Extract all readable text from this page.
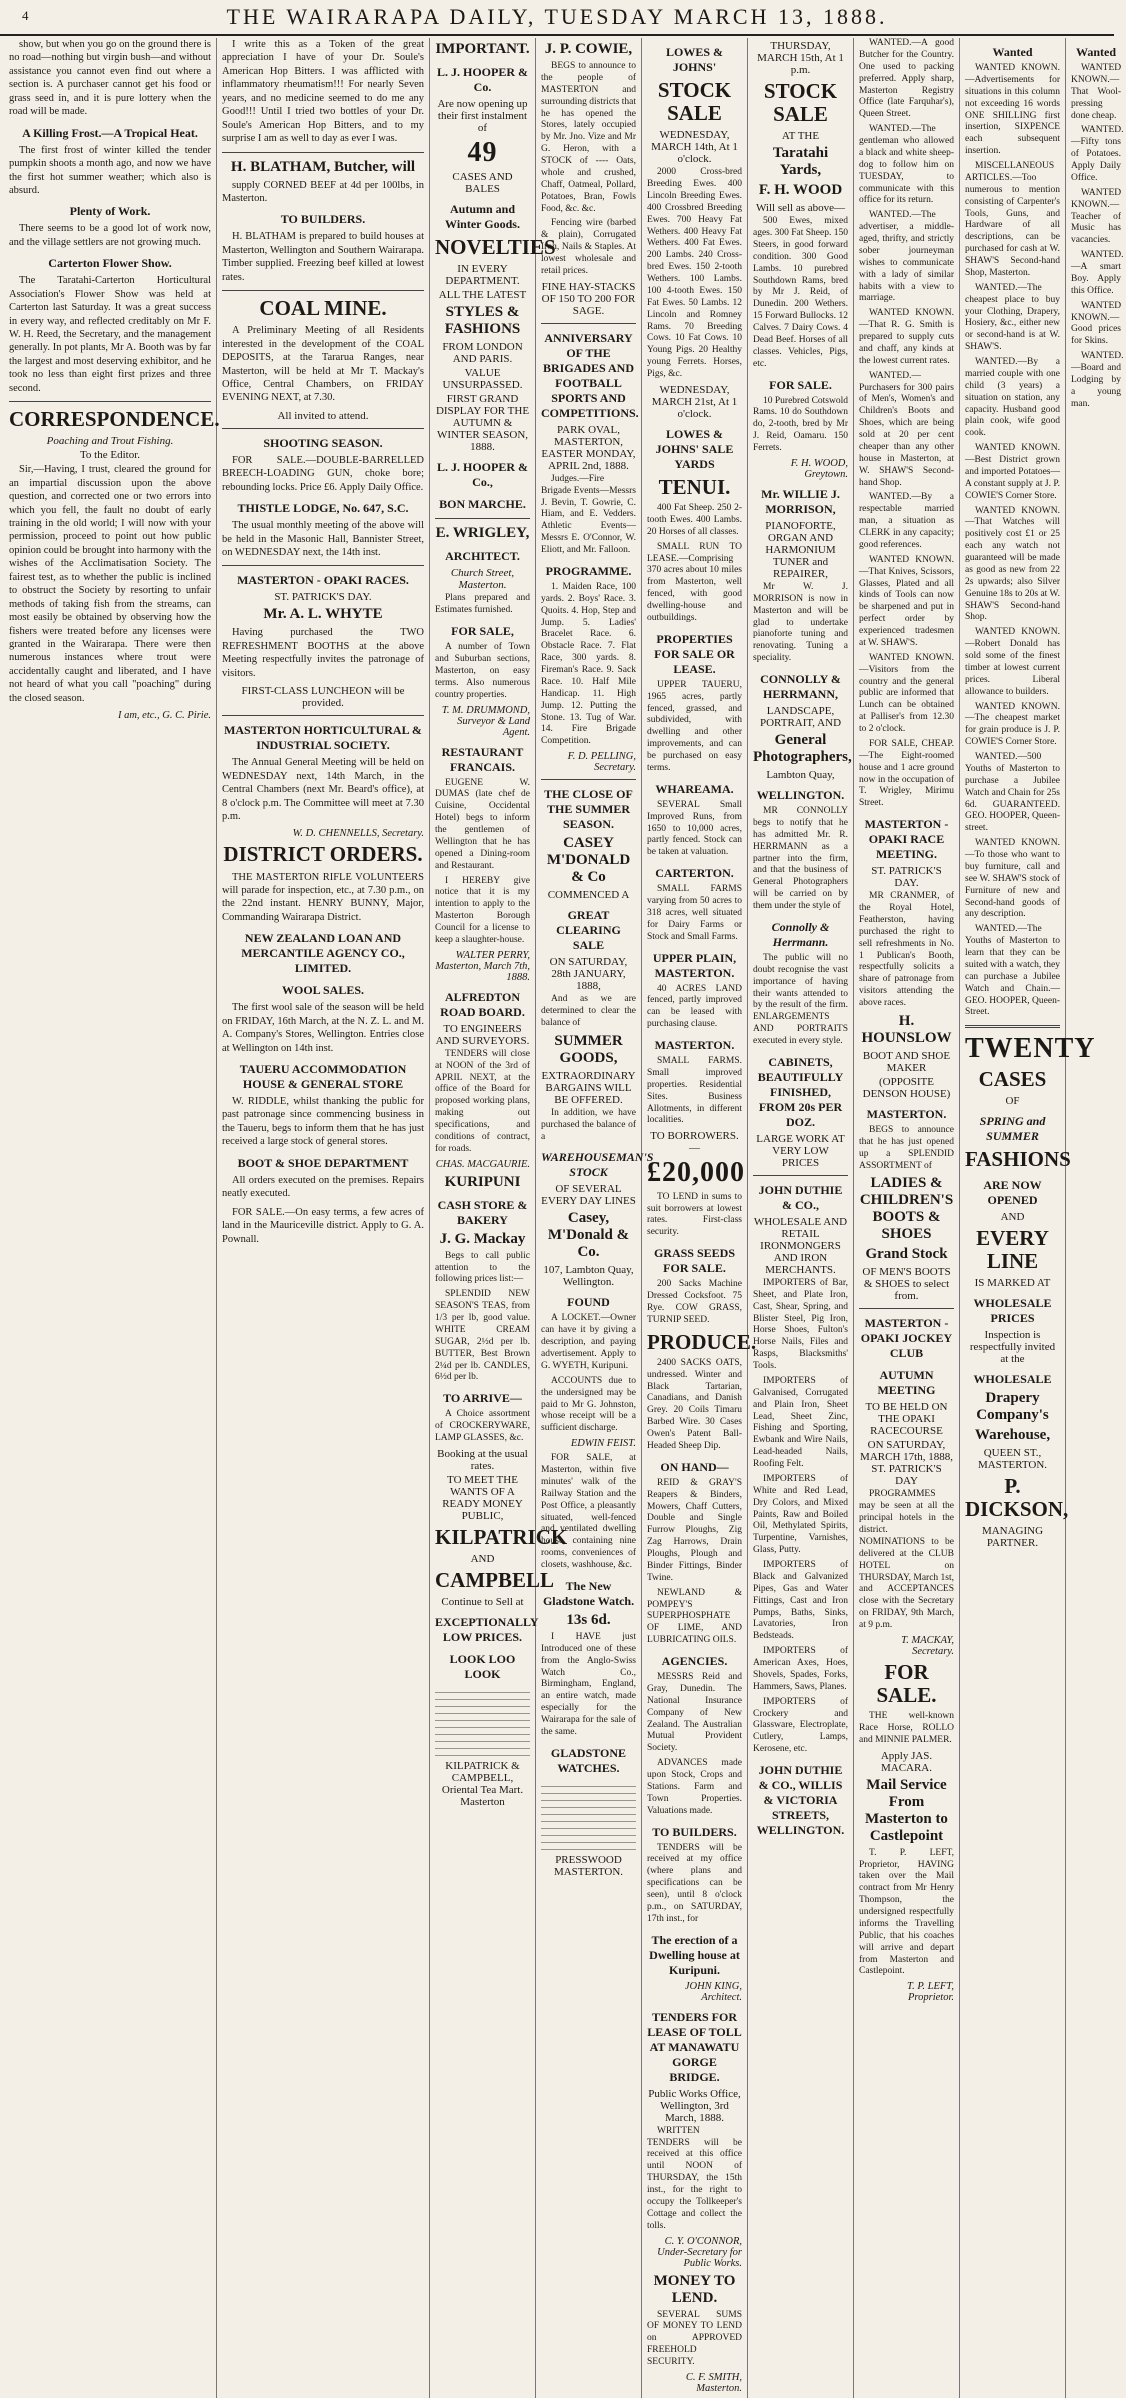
4	THE WAIRARAPA DAILY, TUESDAY MARCH 13, 1888.

show, but when you go on the ground there is no road—nothing but virgin bush—and without assistance you cannot even find out where a section is. A purchaser cannot get his food or grass seed in, and it is pure lottery when the road will be made.

A Killing Frost.—A Tropical Heat.

The first frost of winter killed the tender pumpkin shoots a month ago, and now we have the first hot summer weather; which also is absurd.

Plenty of Work.

There seems to be a good lot of work now, and the village settlers are not growing much.

Carterton Flower Show.

The Taratahi-Carterton Horticultural Association's Flower Show was held at Carterton last Saturday. It was a great success in every way, and reflected creditably on Mr F. W. H. Reed, the Secretary, and the management generally. In pot plants, Mr A. Booth was by far the largest and most deserving exhibitor, and he took no less than eight first prizes and three second.

CORRESPONDENCE.
Poaching and Trout Fishing.
To the Editor.

Sir,—Having, I trust, cleared the ground for an impartial discussion upon the above question, and corrected one or two errors into which you fell, the fault no doubt of early training in the old world; I will now with your permission, proceed to point out how public opinion could be brought into harmony with the wishes of the Acclimatisation Society. The fairest test, as to whether the public is inclined to obstruct the Society by resorting to unfair methods of taking fish from the streams, can most easily be obtained by observing how the fishers were treated before any licenses were granted in the Wairarapa. There were then numerous instances where trout were accidentally caught and liberated, and I have not heard of what you call "poaching" during the closed season.

I am, etc., G. C. Pirie.

I write this as a Token of the great appreciation I have of your Dr. Soule's American Hop Bitters. I was afflicted with inflammatory rheumatism!!! For nearly Seven years, and no medicine seemed to do me any Good!!! Until I tried two bottles of your Dr. Soule's American Hop Bitters, and to my surprise I am as well to day as ever I was.

H. BLATHAM, Butcher, will

supply CORNED BEEF at 4d per 100lbs, in Masterton.

TO BUILDERS.

H. BLATHAM is prepared to build houses at Masterton, Wellington and Southern Wairarapa. Timber supplied. Freezing beef killed at lowest rates.

COAL MINE.

A Preliminary Meeting of all Residents interested in the development of the COAL DEPOSITS, at the Tararua Ranges, near Masterton, will be held at Mr T. Mackay's Office, Central Chambers, on FRIDAY EVENING NEXT, at 7.30.

All invited to attend.
SHOOTING SEASON.

FOR SALE.—DOUBLE-BARRELLED BREECH-LOADING GUN, choke bore; rebounding locks. Price £6. Apply Daily Office.

THISTLE LODGE, No. 647, S.C.

The usual monthly meeting of the above will be held in the Masonic Hall, Bannister Street, on WEDNESDAY next, the 14th inst.

MASTERTON - OPAKI RACES.
ST. PATRICK'S DAY.
Mr. A. L. WHYTE

Having purchased the TWO REFRESHMENT BOOTHS at the above Meeting respectfully invites the patronage of visitors.

FIRST-CLASS LUNCHEON will be provided.
MASTERTON HORTICULTURAL & INDUSTRIAL SOCIETY.

The Annual General Meeting will be held on WEDNESDAY next, 14th March, in the Central Chambers (next Mr. Beard's office), at 8 o'clock p.m. The Committee will meet at 7.30 p.m.

W. D. CHENNELLS, Secretary.
DISTRICT ORDERS.

THE MASTERTON RIFLE VOLUNTEERS will parade for inspection, etc., at 7.30 p.m., on the 22nd instant. HENRY BUNNY, Major, Commanding Wairarapa District.

NEW ZEALAND LOAN AND MERCANTILE AGENCY CO., LIMITED.
WOOL SALES.

The first wool sale of the season will be held on FRIDAY, 16th March, at the N. Z. L. and M. A. Company's Stores, Wellington. Entries close at Wellington on 14th inst.

TAUERU ACCOMMODATION HOUSE & GENERAL STORE

W. RIDDLE, whilst thanking the public for past patronage since commencing business in the Taueru, begs to inform them that he has just received a large stock of general stores.

BOOT & SHOE DEPARTMENT

All orders executed on the premises. Repairs neatly executed.

FOR SALE.—On easy terms, a few acres of land in the Mauriceville district. Apply to G. A. Pownall.

IMPORTANT.
L. J. HOOPER & Co.
Are now opening up their first instalment of
49
CASES AND BALES
Autumn and Winter Goods.
NOVELTIES
IN EVERY DEPARTMENT.
ALL THE LATEST
STYLES & FASHIONS
FROM LONDON AND PARIS.
VALUE UNSURPASSED.
FIRST GRAND DISPLAY FOR THE AUTUMN & WINTER SEASON, 1888.
L. J. HOOPER & Co.,
BON MARCHE.
E. WRIGLEY,
ARCHITECT.
Church Street, Masterton.

Plans prepared and Estimates furnished.

FOR SALE,

A number of Town and Suburban sections, Masterton, on easy terms. Also numerous country properties.

T. M. DRUMMOND, Surveyor & Land Agent.
RESTAURANT FRANCAIS.

EUGENE W. DUMAS (late chef de Cuisine, Occidental Hotel) begs to inform the gentlemen of Wellington that he has opened a Dining-room and Restaurant.

I HEREBY give notice that it is my intention to apply to the Masterton Borough Council for a license to keep a slaughter-house.

WALTER PERRY, Masterton, March 7th, 1888.
ALFREDTON ROAD BOARD.
TO ENGINEERS AND SURVEYORS.

TENDERS will close at NOON of the 3rd of APRIL NEXT, at the office of the Board for proposed working plans, making out specifications, and conditions of contract, for roads.

CHAS. MACGAURIE.
KURIPUNI
CASH STORE & BAKERY
J. G. Mackay

Begs to call public attention to the following prices list:—

SPLENDID NEW SEASON'S TEAS, from 1/3 per lb, good value. WHITE CREAM SUGAR, 2½d per lb. BUTTER, Best Brown 2¼d per lb. CANDLES, 6½d per lb.

TO ARRIVE—

A Choice assortment of CROCKERYWARE, LAMP GLASSES, &c.

Booking at the usual rates.
TO MEET THE WANTS OF A READY MONEY PUBLIC,
KILPATRICK
AND
CAMPBELL
Continue to Sell at
EXCEPTIONALLY LOW PRICES.
LOOK LOO LOOK
KILPATRICK & CAMPBELL, Oriental Tea Mart. Masterton
J. P. COWIE,

BEGS to announce to the people of MASTERTON and surrounding districts that he has opened the Stores, lately occupied by Mr. Jno. Vize and Mr G. Heron, with a STOCK of ---- Oats, whole and crushed, Chaff, Oatmeal, Pollard, Potatoes, Bran, Fowls Food, &c. &c.

Fencing wire (barbed & plain), Corrugated Iron, Nails & Staples. At lowest wholesale and retail prices.

FINE HAY-STACKS OF 150 TO 200 FOR SAGE.
ANNIVERSARY OF THE BRIGADES AND FOOTBALL SPORTS AND COMPETITIONS.
PARK OVAL, MASTERTON, EASTER MONDAY, APRIL 2nd, 1888.

Judges.—Fire Brigade Events—Messrs J. Bevin, T. Gowrie, C. Hiam, and E. Vedders. Athletic Events—Messrs E. O'Connor, W. Eliott, and Mr. Falloon.

PROGRAMME.

1. Maiden Race, 100 yards. 2. Boys' Race. 3. Quoits. 4. Hop, Step and Jump. 5. Ladies' Bracelet Race. 6. Obstacle Race. 7. Flat Race, 300 yards. 8. Fireman's Race. 9. Sack Race. 10. Half Mile Handicap. 11. High Jump. 12. Putting the Stone. 13. Tug of War. 14. Fire Brigade Competition.

F. D. PELLING, Secretary.
THE CLOSE OF THE SUMMER SEASON.
CASEY M'DONALD & Co
COMMENCED A
GREAT CLEARING SALE
ON SATURDAY, 28th JANUARY, 1888,

And as we are determined to clear the balance of

SUMMER GOODS,
EXTRAORDINARY BARGAINS WILL BE OFFERED.

In addition, we have purchased the balance of a

WAREHOUSEMAN'S STOCK
OF SEVERAL EVERY DAY LINES
Casey, M'Donald & Co.
107, Lambton Quay, Wellington.
FOUND

A LOCKET.—Owner can have it by giving a description, and paying advertisement. Apply to G. WYETH, Kuripuni.

ACCOUNTS due to the undersigned may be paid to Mr G. Johnston, whose receipt will be a sufficient discharge.

EDWIN FEIST.

FOR SALE, at Masterton, within five minutes' walk of the Railway Station and the Post Office, a pleasantly situated, well-fenced and ventilated dwelling house, containing nine rooms, conveniences of closets, washhouse, &c.

The New Gladstone Watch.
13s 6d.

I HAVE just Introduced one of these from the Anglo-Swiss Watch Co., Birmingham, England, an entire watch, made especially for the Wairarapa for the sale of the same.

GLADSTONE WATCHES.
PRESSWOOD MASTERTON.
LOWES & JOHNS'
STOCK SALE
WEDNESDAY, MARCH 14th, At 1 o'clock.

2000 Cross-bred Breeding Ewes. 400 Lincoln Breeding Ewes. 400 Crossbred Breeding Ewes. 700 Heavy Fat Wethers. 400 Heavy Fat Wethers. 400 Fat Ewes. 200 Lambs. 240 Cross-bred Ewes. 150 2-tooth Wethers. 100 Lambs. 100 4-tooth Ewes. 150 Fat Ewes. 50 Lambs. 12 Lincoln and Romney Rams. 70 Breeding Cows. 10 Fat Cows. 10 Young Pigs. 20 Healthy young Ferrets. Horses, Pigs, &c.

WEDNESDAY, MARCH 21st, At 1 o'clock.
LOWES & JOHNS' SALE YARDS
TENUI.

400 Fat Sheep. 250 2-tooth Ewes. 400 Lambs. 20 Horses of all classes.

SMALL RUN TO LEASE.—Comprising 370 acres about 10 miles from Masterton, well fenced, with good dwelling-house and outbuildings.

PROPERTIES FOR SALE OR LEASE.

UPPER TAUERU, 1965 acres, partly fenced, grassed, and subdivided, with dwelling and other improvements, and can be purchased on easy terms.

WHAREAMA.

SEVERAL Small Improved Runs, from 1650 to 10,000 acres, partly fenced. Stock can be taken at valuation.

CARTERTON.

SMALL FARMS varying from 50 acres to 318 acres, well situated for Dairy Farms or Stock and Small Farms.

UPPER PLAIN, MASTERTON.

40 ACRES LAND fenced, partly improved can be leased with purchasing clause.

MASTERTON.

SMALL FARMS. Small improved properties. Residential Sites. Business Allotments, in different localities.

TO BORROWERS.—
£20,000

TO LEND in sums to suit borrowers at lowest rates. First-class security.

GRASS SEEDS FOR SALE.

200 Sacks Machine Dressed Cocksfoot. 75 Rye. COW GRASS, TURNIP SEED.

PRODUCE.

2400 SACKS OATS, undressed. Winter and Black Tartarian, Canadians, and Danish Grey. 20 Coils Timaru Barbed Wire. 30 Cases Owen's Patent Ball-Headed Sheep Dip.

ON HAND—

REID & GRAY'S Reapers & Binders, Mowers, Chaff Cutters, Double and Single Furrow Ploughs, Zig Zag Harrows, Drain Ploughs, Plough and Binder Fittings, Binder Twine.

NEWLAND & POMPEY'S SUPERPHOSPHATE OF LIME, AND LUBRICATING OILS.

AGENCIES.

MESSRS Reid and Gray, Dunedin. The National Insurance Company of New Zealand. The Australian Mutual Provident Society.

ADVANCES made upon Stock, Crops and Stations. Farm and Town Properties. Valuations made.

TO BUILDERS.

TENDERS will be received at my office (where plans and specifications can be seen), until 8 o'clock p.m., on SATURDAY, 17th inst., for

The erection of a Dwelling house at Kuripuni.
JOHN KING, Architect.
TENDERS FOR LEASE OF TOLL AT MANAWATU GORGE BRIDGE.
Public Works Office, Wellington, 3rd March, 1888.

WRITTEN TENDERS will be received at this office until NOON of THURSDAY, the 15th inst., for the right to occupy the Tollkeeper's Cottage and collect the tolls.

C. Y. O'CONNOR, Under-Secretary for Public Works.
MONEY TO LEND.

SEVERAL SUMS OF MONEY TO LEND on APPROVED FREEHOLD SECURITY.

C. F. SMITH, Masterton.
THURSDAY, MARCH 15th, At 1 p.m.
STOCK SALE
AT THE
Taratahi Yards,
F. H. WOOD
Will sell as above—

500 Ewes, mixed ages. 300 Fat Sheep. 150 Steers, in good forward condition. 300 Good Lambs. 10 purebred Southdown Rams, bred by Mr J. Reid, of Dunedin. 200 Wethers. 15 Forward Bullocks. 12 Calves. 7 Dairy Cows. 4 Dead Beef. Horses of all classes. Vehicles, Pigs, etc.

FOR SALE.

10 Purebred Cotswold Rams. 10 do Southdown do, 2-tooth, bred by Mr J. Reid, Oamaru. 150 Ferrets.

F. H. WOOD, Greytown.
Mr. WILLIE J. MORRISON,
PIANOFORTE, ORGAN AND HARMONIUM TUNER and REPAIRER,

Mr W. J. MORRISON is now in Masterton and will be glad to undertake pianoforte tuning and renovating. Tuning a speciality.

CONNOLLY & HERRMANN,
LANDSCAPE, PORTRAIT, AND
General Photographers,
Lambton Quay,
WELLINGTON.

MR CONNOLLY begs to notify that he has admitted Mr. R. HERRMANN as a partner into the firm, and that the business of General Photographers will be carried on by them under the style of

Connolly & Herrmann.

The public will no doubt recognise the vast importance of having their wants attended to by the result of the firm. ENLARGEMENTS AND PORTRAITS executed in every style.

CABINETS, BEAUTIFULLY FINISHED, FROM 20s PER DOZ.
LARGE WORK AT VERY LOW PRICES
JOHN DUTHIE & CO.,
WHOLESALE AND RETAIL IRONMONGERS AND IRON MERCHANTS.

IMPORTERS of Bar, Sheet, and Plate Iron, Cast, Shear, Spring, and Blister Steel, Pig Iron, Horse Shoes, Fulton's Horse Nails, Files and Rasps, Blacksmiths' Tools.

IMPORTERS of Galvanised, Corrugated and Plain Iron, Sheet Lead, Sheet Zinc, Fishing and Sporting, Ewbank and Wire Nails, Lead-headed Nails, Roofing Felt.

IMPORTERS of White and Red Lead, Dry Colors, and Mixed Paints, Raw and Boiled Oil, Methylated Spirits, Turpentine, Varnishes, Glass, Putty.

IMPORTERS of Black and Galvanized Pipes, Gas and Water Fittings, Cast and Iron Pumps, Baths, Sinks, Lavatories, Iron Bedsteads.

IMPORTERS of American Axes, Hoes, Shovels, Spades, Forks, Hammers, Saws, Planes.

IMPORTERS of Crockery and Glassware, Electroplate, Cutlery, Lamps, Kerosene, etc.

JOHN DUTHIE & CO., WILLIS & VICTORIA STREETS, WELLINGTON.

WANTED.—A good Butcher for the Country. One used to packing preferred. Apply sharp, Masterton Registry Office (late Farquhar's), Queen Street.

WANTED.—The gentleman who allowed a black and white sheep-dog to follow him on TUESDAY, to communicate with this office for its return.

WANTED.—The advertiser, a middle-aged, thrifty, and strictly sober journeyman wishes to communicate with a lady of similar habits with a view to marriage.

WANTED KNOWN.—That R. G. Smith is prepared to supply cuts and chaff, any kinds at the lowest current rates.

WANTED.—Purchasers for 300 pairs of Men's, Women's and Children's Boots and Shoes, which are being sold at 20 per cent cheaper than any other house in Masterton, at W. SHAW'S Second-hand Shop.

WANTED.—By a respectable married man, a situation as CLERK in any capacity; good references.

WANTED KNOWN.—That Knives, Scissors, Glasses, Plated and all kinds of Tools can now be sharpened and put in perfect order by experienced tradesmen at W. SHAW'S.

WANTED KNOWN.—Visitors from the country and the general public are informed that Lunch can be obtained at Palliser's from 12.30 to 2 o'clock.

FOR SALE, CHEAP.—The Eight-roomed house and 1 acre ground now in the occupation of T. Wrigley, Mirimu Street.

MASTERTON - OPAKI RACE MEETING.
ST. PATRICK'S DAY.

MR CRANMER, of the Royal Hotel, Featherston, having purchased the right to sell refreshments in No. 1 Publican's Booth, respectfully solicits a share of patronage from visitors attending the above races.

H. HOUNSLOW
BOOT AND SHOE MAKER
(OPPOSITE DENSON HOUSE)
MASTERTON.

BEGS to announce that he has just opened up a SPLENDID ASSORTMENT of

LADIES & CHILDREN'S BOOTS & SHOES
Grand Stock
OF MEN'S BOOTS & SHOES to select from.
MASTERTON - OPAKI JOCKEY CLUB
AUTUMN MEETING
TO BE HELD ON THE OPAKI RACECOURSE
ON SATURDAY, MARCH 17th, 1888, ST. PATRICK'S DAY

PROGRAMMES may be seen at all the principal hotels in the district. NOMINATIONS to be delivered at the CLUB HOTEL on THURSDAY, March 1st, and ACCEPTANCES close with the Secretary on FRIDAY, 9th March, at 9 p.m.

T. MACKAY, Secretary.
FOR SALE.

THE well-known Race Horse, ROLLO and MINNIE PALMER.

Apply JAS. MACARA.
Mail Service From Masterton to Castlepoint

T. P. LEFT, Proprietor, HAVING taken over the Mail contract from Mr Henry Thompson, the undersigned respectfully informs the Travelling Public, that his coaches will arrive and depart from Masterton and Castlepoint.

T. P. LEFT, Proprietor.
Wanted

WANTED KNOWN.—Advertisements for situations in this column not exceeding 16 words ONE SHILLING first insertion, SIXPENCE each subsequent insertion.

MISCELLANEOUS ARTICLES.—Too numerous to mention consisting of Carpenter's Tools, Guns, and Hardware of all descriptions, can be purchased for cash at W. SHAW'S Second-hand Shop, Masterton.

WANTED.—The cheapest place to buy your Clothing, Drapery, Hosiery, &c., either new or second-hand is at W. SHAW'S.

WANTED.—By a married couple with one child (3 years) a situation on station, any capacity. Husband good plain cook, wife good cook.

WANTED KNOWN.—Best District grown and imported Potatoes—A constant supply at J. P. COWIE'S Corner Store.

WANTED KNOWN.—That Watches will positively cost £1 or 25 each any watch not guaranteed will be made as good as new from 22 2s upwards; also Silver Genuine 18s to 20s at W. SHAW'S Second-hand Shop.

WANTED KNOWN.—Robert Donald has sold some of the finest timber at lowest current prices. Liberal allowance to builders.

WANTED KNOWN.—The cheapest market for grain produce is J. P. COWIE'S Corner Store.

WANTED.—500 Youths of Masterton to purchase a Jubilee Watch and Chain for 25s 6d. GUARANTEED. GEO. HOOPER, Queen-street.

WANTED KNOWN.—To those who want to buy furniture, call and see W. SHAW'S stock of Furniture of new and Second-hand goods of any description.

WANTED.—The Youths of Masterton to learn that they can be suited with a watch, they can purchase a Jubilee Watch and Chain.—GEO. HOOPER, Queen-Street.

TWENTY
CASES
OF
SPRING and SUMMER
FASHIONS
ARE NOW OPENED
AND
EVERY LINE
IS MARKED AT
WHOLESALE PRICES
Inspection is respectfully invited at the
WHOLESALE
Drapery Company's
Warehouse,
QUEEN ST., MASTERTON.
P. DICKSON,
MANAGING PARTNER.
Wanted

WANTED KNOWN.—That Wool-pressing done cheap.

WANTED.—Fifty tons of Potatoes. Apply Daily Office.

WANTED KNOWN.—Teacher of Music has vacancies.

WANTED.—A smart Boy. Apply this Office.

WANTED KNOWN.—Good prices for Skins.

WANTED.—Board and Lodging by a young man.
